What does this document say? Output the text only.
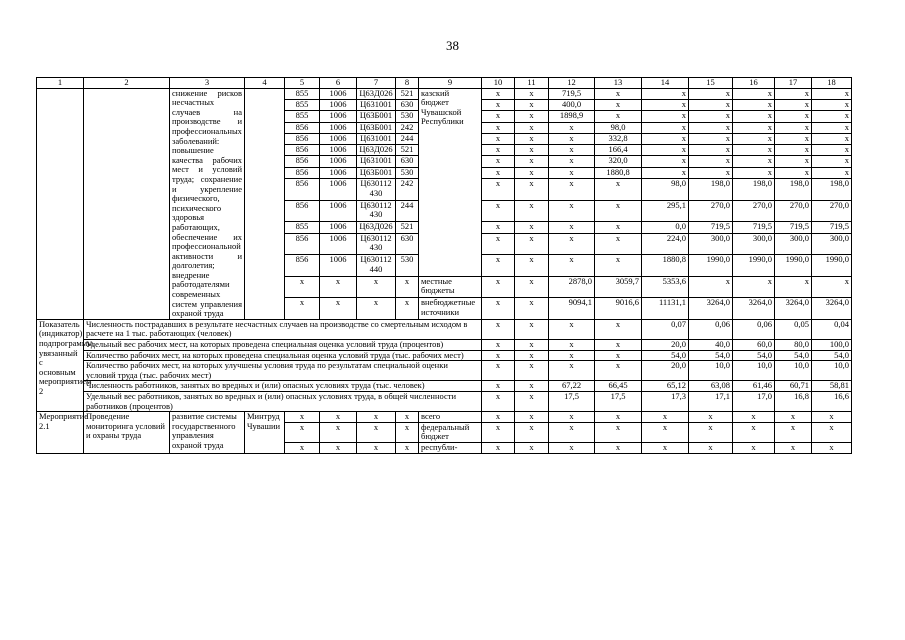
38
1	2	3	4	5	6	7	8	9	10	11	12	13	14	15	16	17	18	
		снижение рисков несчастных случаев на производстве и профессиональных заболеваний: повышение качества рабочих мест и условий труда; сохранение и укрепление физического, психического здоровья работающих, обеспечение их профессиональной активности и долголетия; внедрение работодателями современных систем управления охраной труда		855	1006	Ц63Д026	521	казский бюджет Чувашской Республики	x	x	719,5	x	x	x	x	x	x	
				855	1006	Ц631001	630		x	x	400,0	x	x	x	x	x	x	
				855	1006	Ц63Б001	530		x	x	1898,9	x	x	x	x	x	x	
				856	1006	Ц63Б001	242		x	x	x	98,0	x	x	x	x	x	
				856	1006	Ц631001	244		x	x	x	332,8	x	x	x	x	x	
				856	1006	Ц63Д026	521		x	x	x	166,4	x	x	x	x	x	
				856	1006	Ц631001	630		x	x	x	320,0	x	x	x	x	x	
				856	1006	Ц63Б001	530		x	x	x	1880,8	x	x	x	x	x	
				856	1006	Ц630112 430	242		x	x	x	x	98,0	198,0	198,0	198,0	198,0	
				856	1006	Ц630112 430	244		x	x	x	x	295,1	270,0	270,0	270,0	270,0	
				855	1006	Ц63Д026	521		x	x	x	x	0,0	719,5	719,5	719,5	719,5	
				856	1006	Ц630112 430	630		x	x	x	x	224,0	300,0	300,0	300,0	300,0	
				856	1006	Ц630112 440	530		x	x	x	x	1880,8	1990,0	1990,0	1990,0	1990,0	
				x	x	x	x	местные бюджеты	x	x	2878,0	3059,7	5353,6	x	x	x	x	
				x	x	x	x	внебюджетные источники	x	x	9094,1	9016,6	11131,1	3264,0	3264,0	3264,0	3264,0	
Показатель (индикатор) подпрограммы, увязанный с основным мероприятием 2	Численность пострадавших в результате несчастных случаев на производстве со смертельным исходом в расчете на 1 тыс. работающих (человек)								x	x	x	x	0,07	0,06	0,06	0,05	0,04	
	Удельный вес рабочих мест, на которых проведена специальная оценка условий труда (процентов)								x	x	x	x	20,0	40,0	60,0	80,0	100,0	
	Количество рабочих мест, на которых проведена специальная оценка условий труда (тыс. рабочих мест)								x	x	x	x	54,0	54,0	54,0	54,0	54,0	
	Количество рабочих мест, на которых улучшены условия труда по результатам специальной оценки условий труда (тыс. рабочих мест)								x	x	x	x	20,0	10,0	10,0	10,0	10,0	
	Численность работников, занятых во вредных и (или) опасных условиях труда (тыс. человек)								x	x	67,22	66,45	65,12	63,08	61,46	60,71	58,81	
	Удельный вес работников, занятых во вредных и (или) опасных условиях труда, в общей численности работников (процентов)								x	x	17,5	17,5	17,3	17,1	17,0	16,8	16,6	
Мероприятие 2.1	Проведение мониторинга условий и охраны труда	развитие системы государственного управления охраной труда	Минтруд Чувашии	x	x	x	x	всего	x	x	x	x	x	x	x	x	x	
				x	x	x	x	федеральный бюджет	x	x	x	x	x	x	x	x	x	
				x	x	x	x	республи-	x	x	x	x	x	x	x	x	x	
